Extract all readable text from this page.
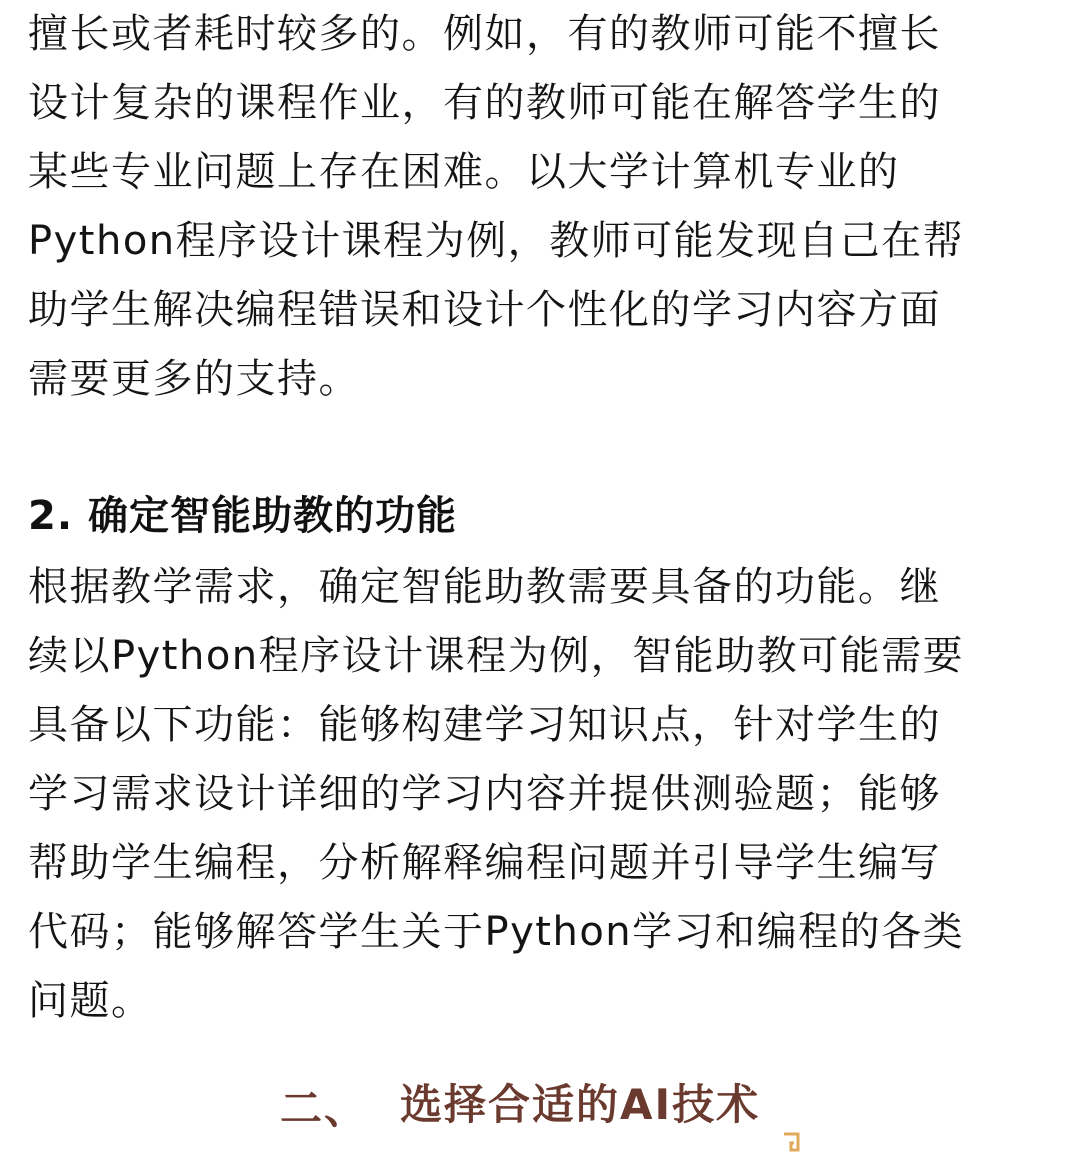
擅长或者耗时较多的。例如，有的教师可能不擅长
设计复杂的课程作业，有的教师可能在解答学生的
某些专业问题上存在困难。以大学计算机专业的
Python程序设计课程为例，教师可能发现自己在帮
助学生解决编程错误和设计个性化的学习内容方面
需要更多的支持。

2. 确定智能助教的功能

根据教学需求，确定智能助教需要具备的功能。继
续以Python程序设计课程为例，智能助教可能需要
具备以下功能：能够构建学习知识点，针对学生的
学习需求设计详细的学习内容并提供测验题；能够
帮助学生编程，分析解释编程问题并引导学生编写
代码；能够解答学生关于Python学习和编程的各类
问题。

二、 选择合适的AI技术
